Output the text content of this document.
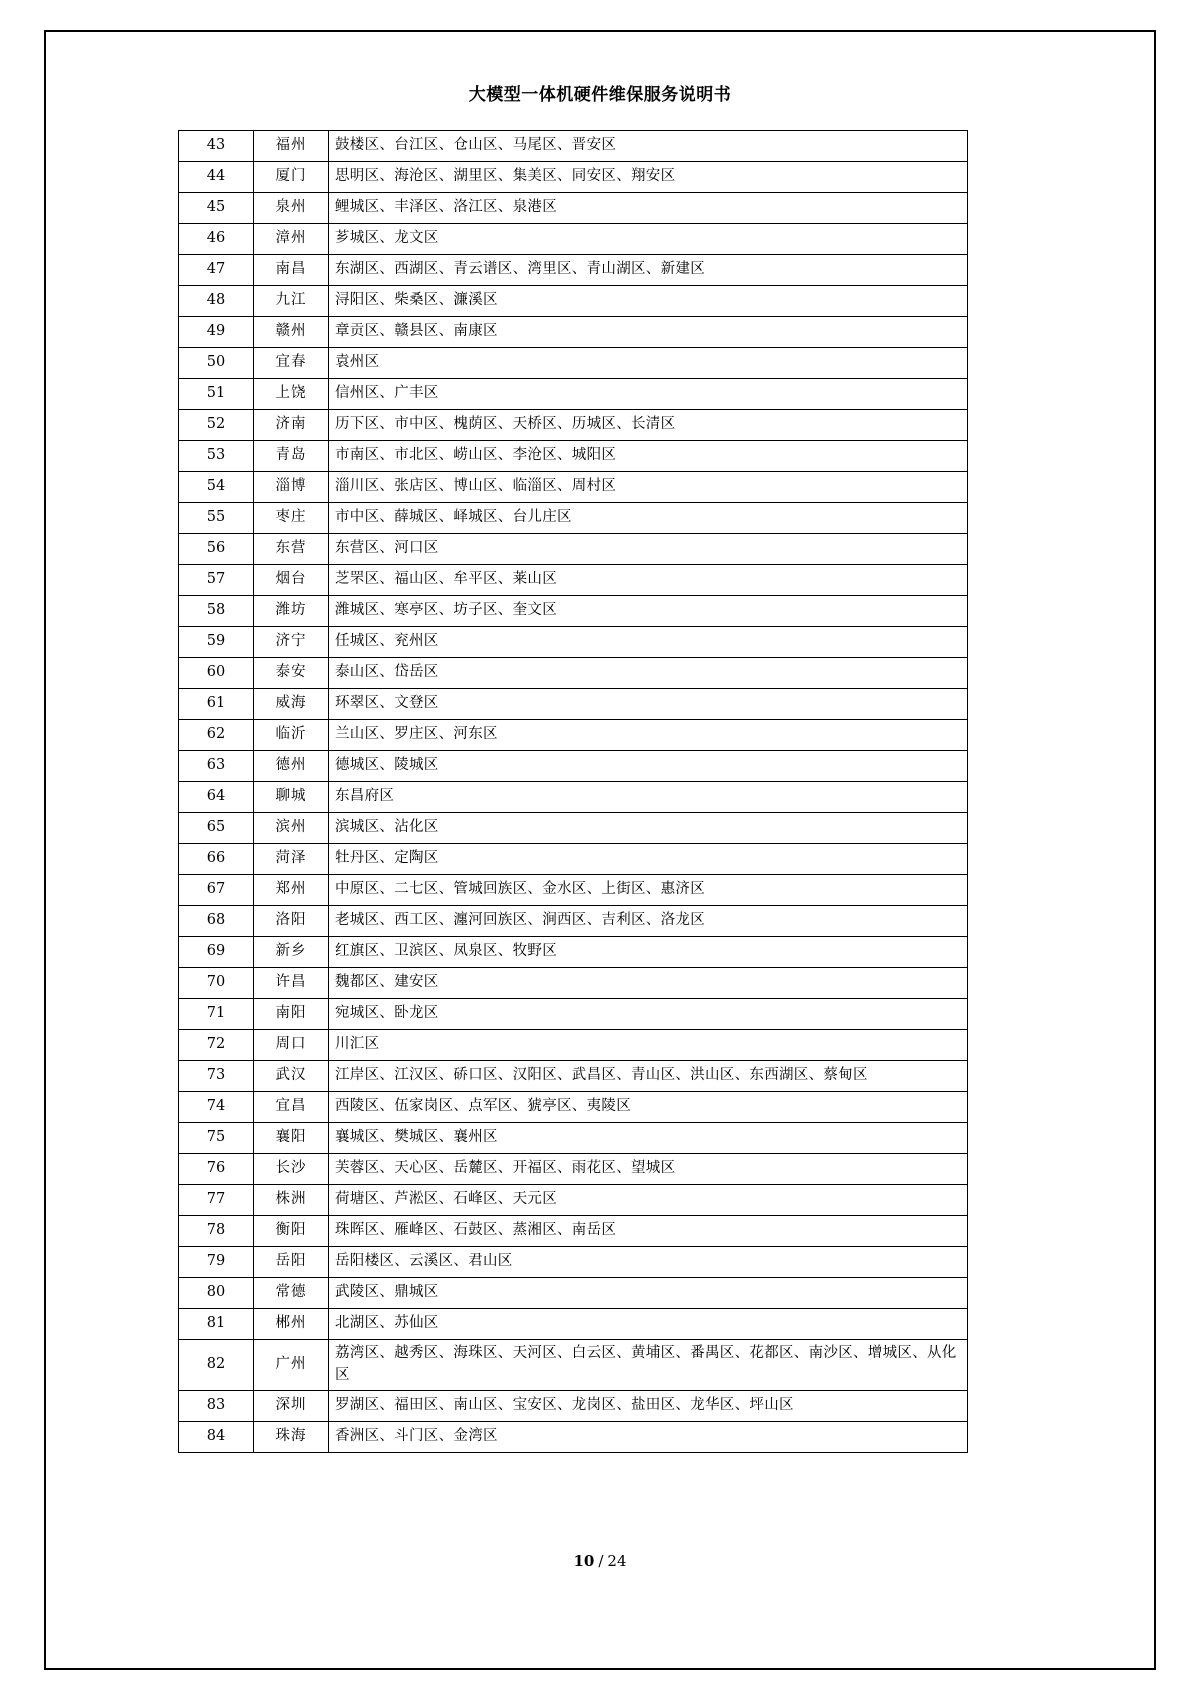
大模型一体机硬件维保服务说明书
43	福州	鼓楼区、台江区、仓山区、马尾区、晋安区
44	厦门	思明区、海沧区、湖里区、集美区、同安区、翔安区
45	泉州	鲤城区、丰泽区、洛江区、泉港区
46	漳州	芗城区、龙文区
47	南昌	东湖区、西湖区、青云谱区、湾里区、青山湖区、新建区
48	九江	浔阳区、柴桑区、濂溪区
49	赣州	章贡区、赣县区、南康区
50	宜春	袁州区
51	上饶	信州区、广丰区
52	济南	历下区、市中区、槐荫区、天桥区、历城区、长清区
53	青岛	市南区、市北区、崂山区、李沧区、城阳区
54	淄博	淄川区、张店区、博山区、临淄区、周村区
55	枣庄	市中区、薛城区、峄城区、台儿庄区
56	东营	东营区、河口区
57	烟台	芝罘区、福山区、牟平区、莱山区
58	潍坊	潍城区、寒亭区、坊子区、奎文区
59	济宁	任城区、兖州区
60	泰安	泰山区、岱岳区
61	威海	环翠区、文登区
62	临沂	兰山区、罗庄区、河东区
63	德州	德城区、陵城区
64	聊城	东昌府区
65	滨州	滨城区、沾化区
66	菏泽	牡丹区、定陶区
67	郑州	中原区、二七区、管城回族区、金水区、上街区、惠济区
68	洛阳	老城区、西工区、瀍河回族区、涧西区、吉利区、洛龙区
69	新乡	红旗区、卫滨区、凤泉区、牧野区
70	许昌	魏都区、建安区
71	南阳	宛城区、卧龙区
72	周口	川汇区
73	武汉	江岸区、江汉区、硚口区、汉阳区、武昌区、青山区、洪山区、东西湖区、蔡甸区
74	宜昌	西陵区、伍家岗区、点军区、猇亭区、夷陵区
75	襄阳	襄城区、樊城区、襄州区
76	长沙	芙蓉区、天心区、岳麓区、开福区、雨花区、望城区
77	株洲	荷塘区、芦淞区、石峰区、天元区
78	衡阳	珠晖区、雁峰区、石鼓区、蒸湘区、南岳区
79	岳阳	岳阳楼区、云溪区、君山区
80	常德	武陵区、鼎城区
81	郴州	北湖区、苏仙区
82	广州	荔湾区、越秀区、海珠区、天河区、白云区、黄埔区、番禺区、花都区、南沙区、增城区、从化区
83	深圳	罗湖区、福田区、南山区、宝安区、龙岗区、盐田区、龙华区、坪山区
84	珠海	香洲区、斗门区、金湾区
10 / 24
